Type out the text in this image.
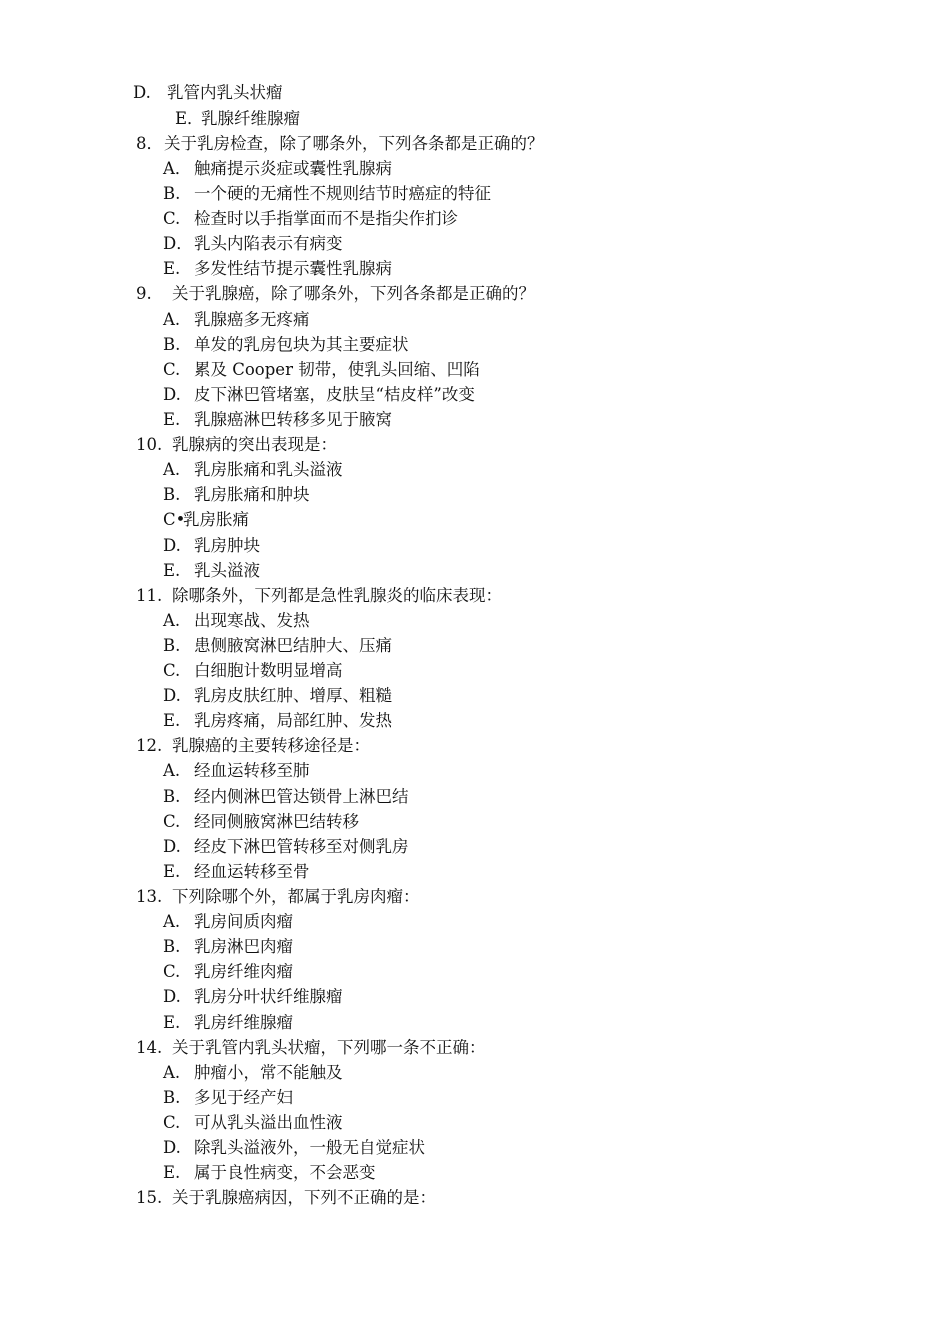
D. 乳管内乳头状瘤
E．乳腺纤维腺瘤
8．关于乳房检查，除了哪条外，下列各条都是正确的？
A． 触痛提示炎症或囊性乳腺病
B. 一个硬的无痛性不规则结节时癌症的特征
C. 检查时以手指掌面而不是指尖作扪诊
D．乳头内陷表示有病变
E. 多发性结节提示囊性乳腺病
9. 关于乳腺癌，除了哪条外，下列各条都是正确的？
A. 乳腺癌多无疼痛
B. 单发的乳房包块为其主要症状
C. 累及 Cooper 韧带，使乳头回缩、凹陷
D. 皮下淋巴管堵塞，皮肤呈“桔皮样”改变
E. 乳腺癌淋巴转移多见于腋窝
10. 乳腺病的突出表现是：
A. 乳房胀痛和乳头溢液
B. 乳房胀痛和肿块
C•乳房胀痛
D. 乳房肿块
E. 乳头溢液
11. 除哪条外，下列都是急性乳腺炎的临床表现：
A. 出现寒战、发热
B. 患侧腋窝淋巴结肿大、压痛
C. 白细胞计数明显增高
D. 乳房皮肤红肿、增厚、粗糙
E. 乳房疼痛，局部红肿、发热
12. 乳腺癌的主要转移途径是：
A. 经血运转移至肺
B. 经内侧淋巴管达锁骨上淋巴结
C. 经同侧腋窝淋巴结转移
D. 经皮下淋巴管转移至对侧乳房
E. 经血运转移至骨
13. 下列除哪个外，都属于乳房肉瘤：
A. 乳房间质肉瘤
B. 乳房淋巴肉瘤
C. 乳房纤维肉瘤
D. 乳房分叶状纤维腺瘤
E. 乳房纤维腺瘤
14. 关于乳管内乳头状瘤，下列哪一条不正确：
A. 肿瘤小，常不能触及
B. 多见于经产妇
C. 可从乳头溢出血性液
D. 除乳头溢液外，一般无自觉症状
E. 属于良性病变，不会恶变
15. 关于乳腺癌病因，下列不正确的是：
